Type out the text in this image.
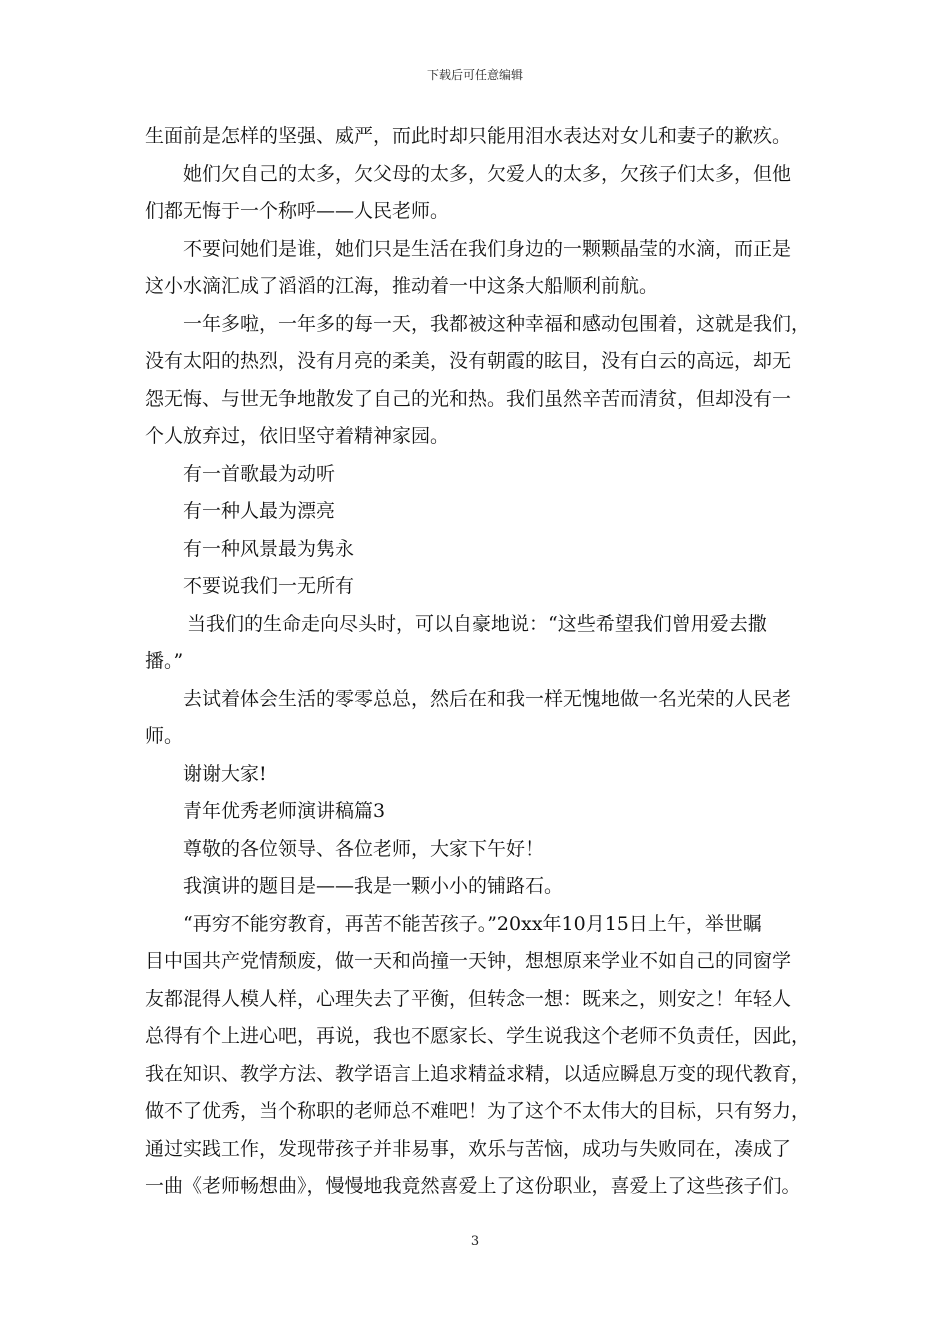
下载后可任意编辑
生面前是怎样的坚强、威严，而此时却只能用泪水表达对女儿和妻子的歉疚。
她们欠自己的太多，欠父母的太多，欠爱人的太多，欠孩子们太多，但他
们都无悔于一个称呼——人民老师。
不要问她们是谁，她们只是生活在我们身边的一颗颗晶莹的水滴，而正是
这小水滴汇成了滔滔的江海，推动着一中这条大船顺利前航。
一年多啦，一年多的每一天，我都被这种幸福和感动包围着，这就是我们，
没有太阳的热烈，没有月亮的柔美，没有朝霞的眩目，没有白云的高远，却无
怨无悔、与世无争地散发了自己的光和热。我们虽然辛苦而清贫，但却没有一
个人放弃过，依旧坚守着精神家园。
有一首歌最为动听
有一种人最为漂亮
有一种风景最为隽永
不要说我们一无所有
当我们的生命走向尽头时，可以自豪地说：“这些希望我们曾用爱去撒
播。”
去试着体会生活的零零总总，然后在和我一样无愧地做一名光荣的人民老
师。
谢谢大家!
青年优秀老师演讲稿篇3
尊敬的各位领导、各位老师，大家下午好！
我演讲的题目是——我是一颗小小的铺路石。
“再穷不能穷教育，再苦不能苦孩子。”20xx年10月15日上午，举世瞩
目中国共产党情颓废，做一天和尚撞一天钟，想想原来学业不如自己的同窗学
友都混得人模人样，心理失去了平衡，但转念一想：既来之，则安之！年轻人
总得有个上进心吧，再说，我也不愿家长、学生说我这个老师不负责任，因此，
我在知识、教学方法、教学语言上追求精益求精，以适应瞬息万变的现代教育，
做不了优秀，当个称职的老师总不难吧！为了这个不太伟大的目标，只有努力，
通过实践工作，发现带孩子并非易事，欢乐与苦恼，成功与失败同在，凑成了
一曲《老师畅想曲》，慢慢地我竟然喜爱上了这份职业，喜爱上了这些孩子们。
3
